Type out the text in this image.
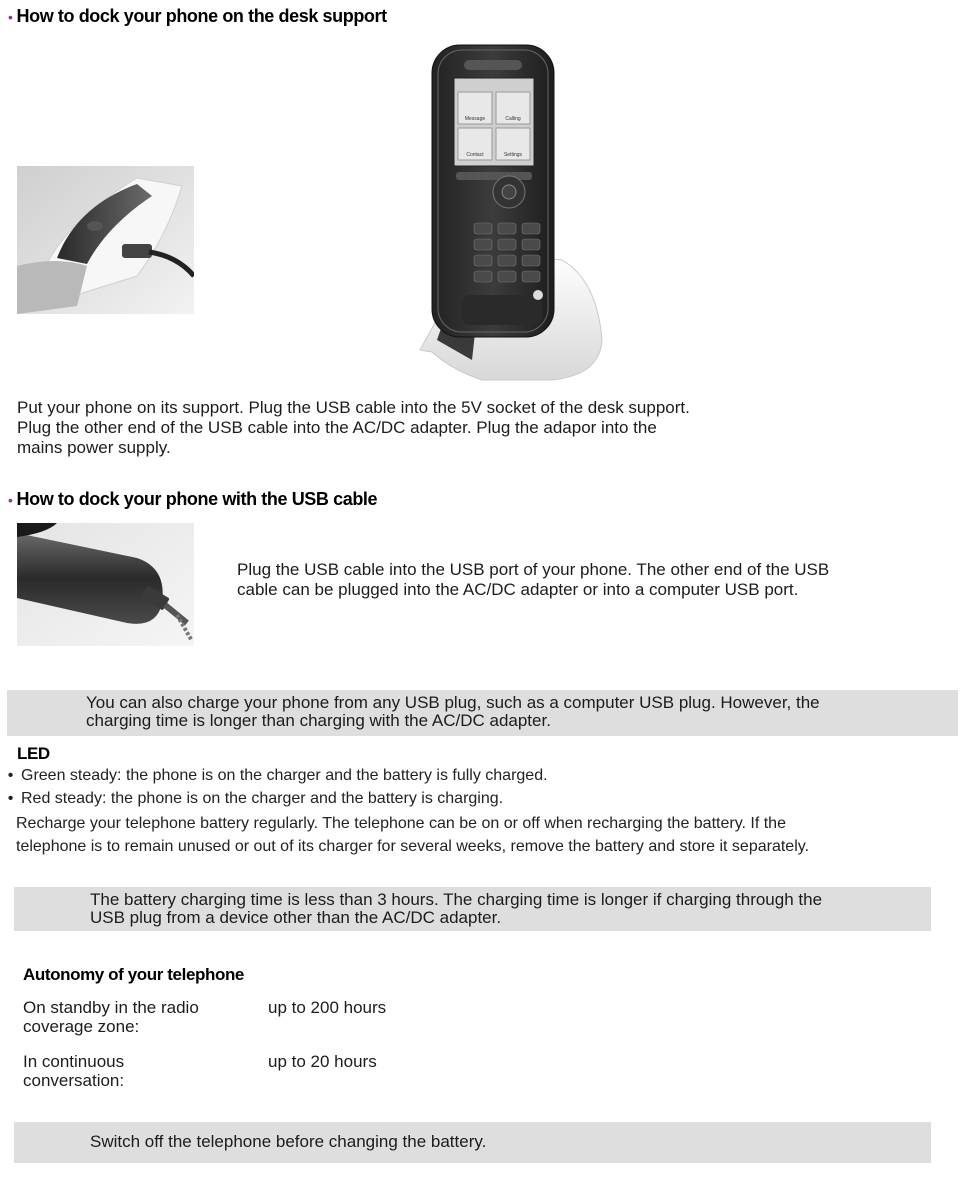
• How to dock your phone on the desk support
Message	Calling
Contact	Settings
Put your phone on its support. Plug the USB cable into the 5V socket of the desk support.
Plug the other end of the USB cable into the AC/DC adapter. Plug the adapor into the
mains power supply.
• How to dock your phone with the USB cable
Plug the USB cable into the USB port of your phone. The other end of the USB
cable can be plugged into the AC/DC adapter or into a computer USB port.
You can also charge your phone from any USB plug, such as a computer USB plug. However, the
charging time is longer than charging with the AC/DC adapter.
LED
• Green steady: the phone is on the charger and the battery is fully charged.
• Red steady: the phone is on the charger and the battery is charging.
Recharge your telephone battery regularly. The telephone can be on or off when recharging the battery. If the
telephone is to remain unused or out of its charger for several weeks, remove the battery and store it separately.
The battery charging time is less than 3 hours. The charging time is longer if charging through the
USB plug from a device other than the AC/DC adapter.
Autonomy of your telephone
On standby in the radio
coverage zone:
up to 200 hours
In continuous
conversation:
up to 20 hours
Switch off the telephone before changing the battery.
